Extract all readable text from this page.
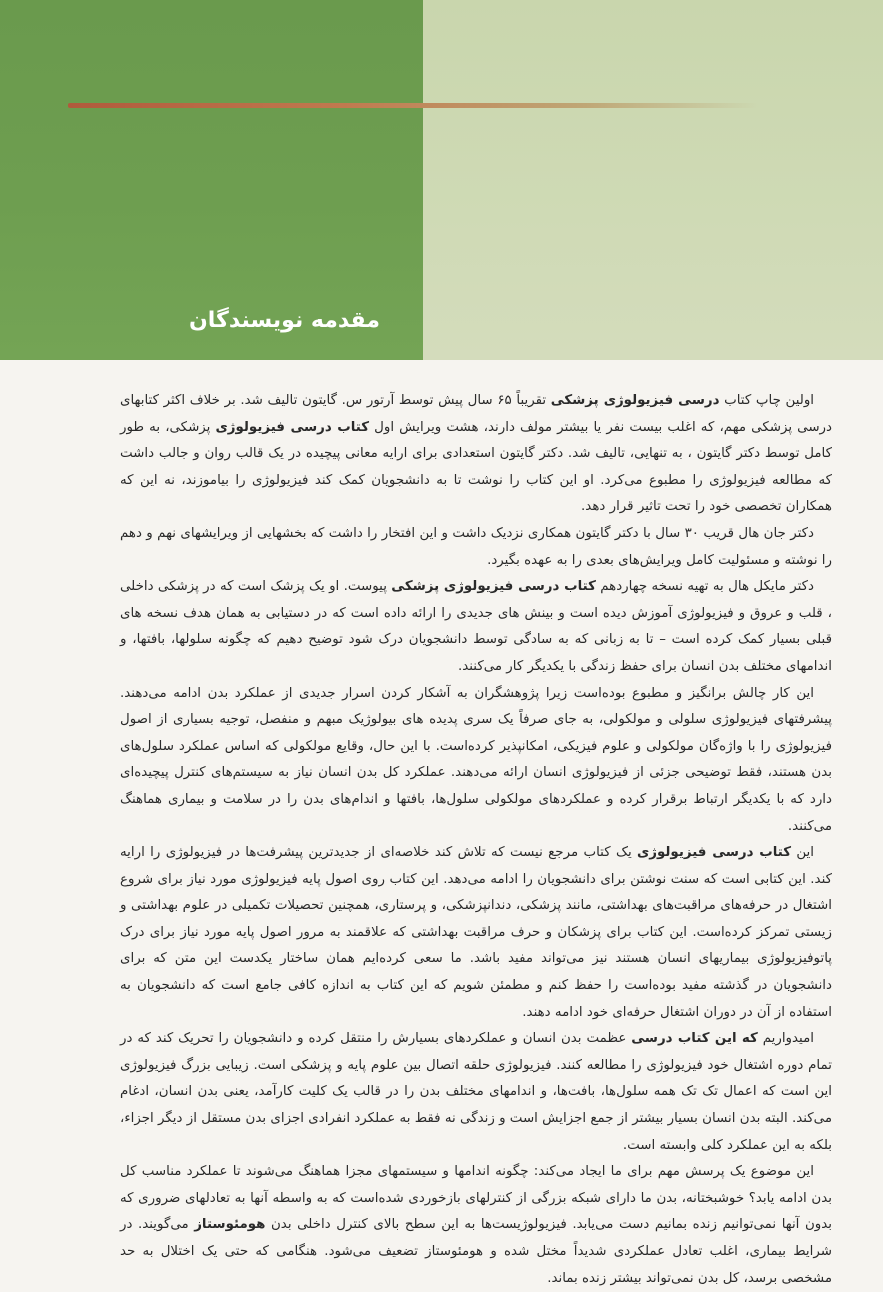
مقدمه نویسندگان

اولین چاپ کتاب درسی فیزیولوژی پزشکی تقریباً ۶۵ سال پیش توسط آرتور س. گایتون تالیف شد. بر خلاف اکثر کتابهای درسی پزشکی مهم، که اغلب بیست نفر یا بیشتر مولف دارند، هشت ویرایش اول کتاب درسی فیزیولوژی پزشکی، به طور کامل توسط دکتر گایتون ، به تنهایی، تالیف شد. دکتر گایتون استعدادی برای ارایه معانی پیچیده در یک قالب روان و جالب داشت که مطالعه فیزیولوژی را مطبوع می‌کرد. او این کتاب را نوشت تا به دانشجویان کمک کند فیزیولوژی را بیاموزند، نه این که همکاران تخصصی خود را تحت تاثیر قرار دهد.

دکتر جان هال قریب ۳۰ سال با دکتر گایتون همکاری نزدیک داشت و این افتخار را داشت که بخشهایی از ویرایشهای نهم و دهم را نوشته و مسئولیت کامل ویرایش‌های بعدی را به عهده بگیرد.

دکتر مایکل هال به تهیه نسخه چهاردهم کتاب درسی فیزیولوژی پزشکی پیوست. او یک پزشک است که در پزشکی داخلی ، قلب و عروق و فیزیولوژی آموزش دیده است و بینش های جدیدی را ارائه داده است که در دستیابی به همان هدف نسخه های قبلی بسیار کمک کرده است – تا به زبانی که به سادگی توسط دانشجویان درک شود توضیح دهیم که چگونه سلولها، بافتها، و اندامهای مختلف بدن انسان برای حفظ زندگی با یکدیگر کار می‌کنند.

این کار چالش برانگیز و مطبوع بوده‌است زیرا پژوهشگران به آشکار کردن اسرار جدیدی از عملکرد بدن ادامه می‌دهند. پیشرفتهای فیزیولوژی سلولی و مولکولی، به جای صرفاً یک سری پدیده های بیولوژیک مبهم و منفصل، توجیه بسیاری از اصول فیزیولوژی را با واژه‌گان مولکولی و علوم فیزیکی، امکانپذیر کرده‌است. با این حال، وقایع مولکولی که اساس عملکرد سلول‌های بدن هستند، فقط توضیحی جزئی از فیزیولوژی انسان ارائه می‌دهند. عملکرد کل بدن انسان نیاز به سیستم‌های کنترل پیچیده‌ای دارد که با یکدیگر ارتباط برقرار کرده و عملکردهای مولکولی سلول‌ها، بافتها و اندام‌های بدن را در سلامت و بیماری هماهنگ می‌کنند.

این کتاب درسی فیزیولوژی یک کتاب مرجع نیست که تلاش کند خلاصه‌ای از جدیدترین پیشرفت‌ها در فیزیولوژی را ارایه کند. این کتابی است که سنت نوشتن برای دانشجویان را ادامه می‌دهد. این کتاب روی اصول پایه فیزیولوژی مورد نیاز برای شروع اشتغال در حرفه‌های مراقبت‌های بهداشتی، مانند پزشکی، دندانپزشکی، و پرستاری، همچنین تحصیلات تکمیلی در علوم بهداشتی و زیستی تمرکز کرده‌است. این کتاب برای پزشکان و حرف مراقبت بهداشتی که علاقمند به مرور اصول پایه مورد نیاز برای درک پاتوفیزیولوژی بیماریهای انسان هستند نیز می‌تواند مفید باشد. ما سعی کرده‌ایم همان ساختار یکدست این متن که برای دانشجویان در گذشته مفید بوده‌است را حفظ کنم و مطمئن شویم که این کتاب به اندازه کافی جامع است که دانشجویان به استفاده از آن در دوران اشتغال حرفه‌ای خود ادامه دهند.

امیدواریم که این کتاب درسی عظمت بدن انسان و عملکردهای بسیارش را منتقل کرده و دانشجویان را تحریک کند که در تمام دوره اشتغال خود فیزیولوژی را مطالعه کنند. فیزیولوژی حلقه اتصال بین علوم پایه و پزشکی است. زیبایی بزرگ فیزیولوژی این است که اعمال تک تک همه سلول‌ها، بافت‌ها، و اندامهای مختلف بدن را در قالب یک کلیت کارآمد، یعنی بدن انسان، ادغام می‌کند. البته بدن انسان بسیار بیشتر از جمع اجزایش است و زندگی نه فقط به عملکرد انفرادی اجزای بدن مستقل از دیگر اجزاء، بلکه به این عملکرد کلی وابسته است.

این موضوع یک پرسش مهم برای ما ایجاد می‌کند: چگونه اندامها و سیستمهای مجزا هماهنگ می‌شوند تا عملکرد مناسب کل بدن ادامه یابد؟ خوشبختانه، بدن ما دارای شبکه بزرگی از کنترلهای بازخوردی شده‌است که به واسطه آنها به تعادلهای ضروری که بدون آنها نمی‌توانیم زنده بمانیم دست می‌یابد. فیزیولوژیست‌ها به این سطح بالای کنترل داخلی بدن هومئوستاز می‌گویند. در شرایط بیماری، اغلب تعادل عملکردی شدیداً مختل شده و هومئوستاز تضعیف می‌شود. هنگامی که حتی یک اختلال به حد مشخصی برسد، کل بدن نمی‌تواند بیشتر زنده بماند.
